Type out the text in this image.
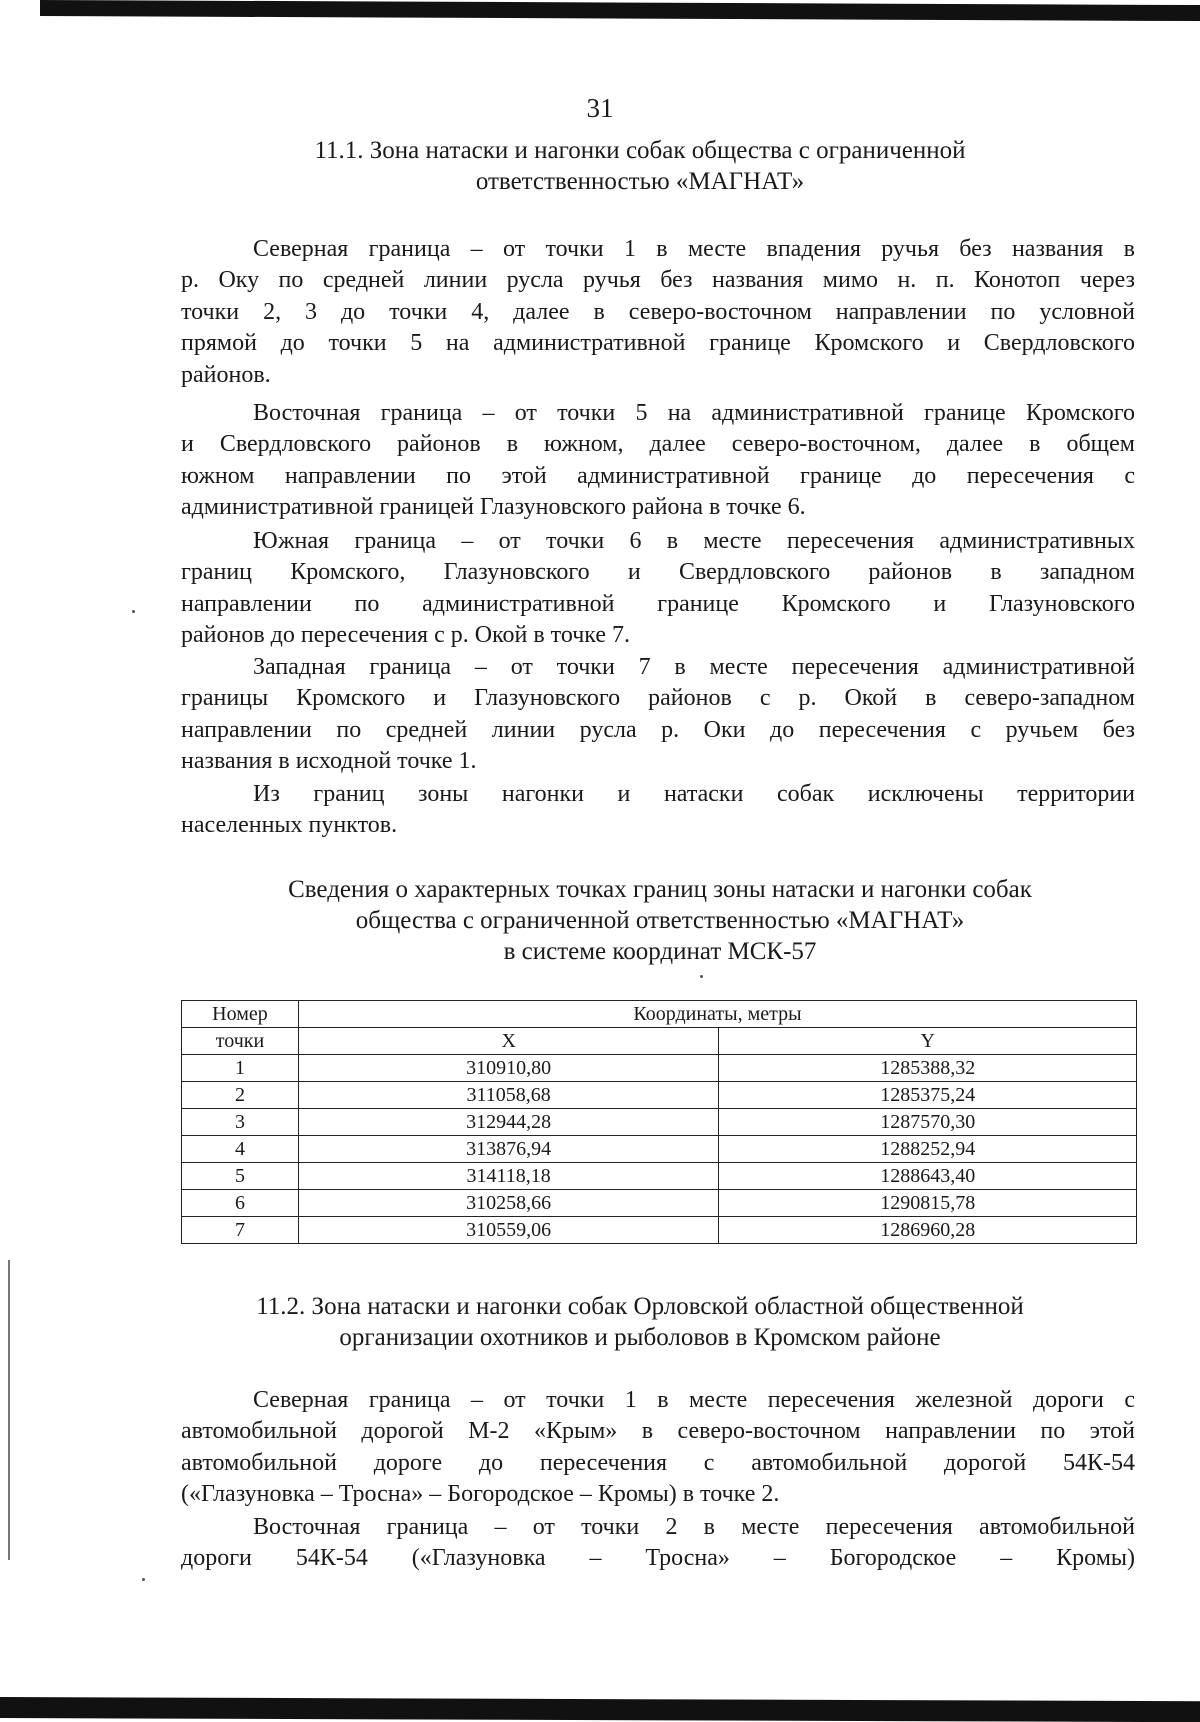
31
11.1. Зона натаски и нагонки собак общества с ограниченной
ответственностью «МАГНАТ»
Северная граница – от точки 1 в месте впадения ручья без названия в
р. Оку по средней линии русла ручья без названия мимо н. п. Конотоп через
точки 2, 3 до точки 4, далее в северо-восточном направлении по условной
прямой до точки 5 на административной границе Кромского и Свердловского
районов.
Восточная граница – от точки 5 на административной границе Кромского
и Свердловского районов в южном, далее северо-восточном, далее в общем
южном направлении по этой административной границе до пересечения с
административной границей Глазуновского района в точке 6.
Южная граница – от точки 6 в месте пересечения административных
границ Кромского, Глазуновского и Свердловского районов в западном
направлении по административной границе Кромского и Глазуновского
районов до пересечения с р. Окой в точке 7.
Западная граница – от точки 7 в месте пересечения административной
границы Кромского и Глазуновского районов с р. Окой в северо-западном
направлении по средней линии русла р. Оки до пересечения с ручьем без
названия в исходной точке 1.
Из границ зоны нагонки и натаски собак исключены территории
населенных пунктов.
Сведения о характерных точках границ зоны натаски и нагонки собак
общества с ограниченной ответственностью «МАГНАТ»
в системе координат МСК-57
Номер	Координаты, метры	
точки	X	Y
1	310910,80	1285388,32
2	311058,68	1285375,24
3	312944,28	1287570,30
4	313876,94	1288252,94
5	314118,18	1288643,40
6	310258,66	1290815,78
7	310559,06	1286960,28
11.2. Зона натаски и нагонки собак Орловской областной общественной
организации охотников и рыболовов в Кромском районе
Северная граница – от точки 1 в месте пересечения железной дороги с
автомобильной дорогой М-2 «Крым» в северо-восточном направлении по этой
автомобильной дороге до пересечения с автомобильной дорогой 54К-54
(«Глазуновка – Тросна» – Богородское – Кромы) в точке 2.
Восточная граница – от точки 2 в месте пересечения автомобильной
дороги 54К-54 («Глазуновка – Тросна» – Богородское – Кромы)
